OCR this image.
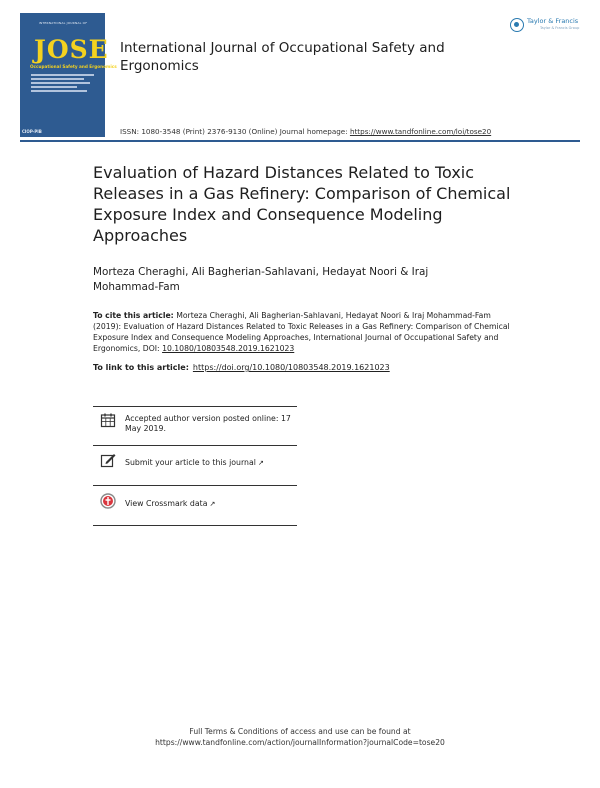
INTERNATIONAL JOURNAL OF
JOSE
Occupational Safety and Ergonomics
CIOP-PIB
International Journal of Occupational Safety and Ergonomics
Taylor & Francis
Taylor & Francis Group
ISSN: 1080-3548 (Print) 2376-9130 (Online) Journal homepage: https://www.tandfonline.com/loi/tose20
Evaluation of Hazard Distances Related to Toxic Releases in a Gas Refinery: Comparison of Chemical Exposure Index and Consequence Modeling Approaches
Morteza Cheraghi, Ali Bagherian-Sahlavani, Hedayat Noori & Iraj Mohammad-Fam
To cite this article: Morteza Cheraghi, Ali Bagherian-Sahlavani, Hedayat Noori & Iraj Mohammad-Fam (2019): Evaluation of Hazard Distances Related to Toxic Releases in a Gas Refinery: Comparison of Chemical Exposure Index and Consequence Modeling Approaches, International Journal of Occupational Safety and Ergonomics, DOI: 10.1080/10803548.2019.1621023
To link to this article: https://doi.org/10.1080/10803548.2019.1621023
Accepted author version posted online: 17 May 2019.
Submit your article to this journal ↗
View Crossmark data ↗
Full Terms & Conditions of access and use can be found at
https://www.tandfonline.com/action/journalInformation?journalCode=tose20
